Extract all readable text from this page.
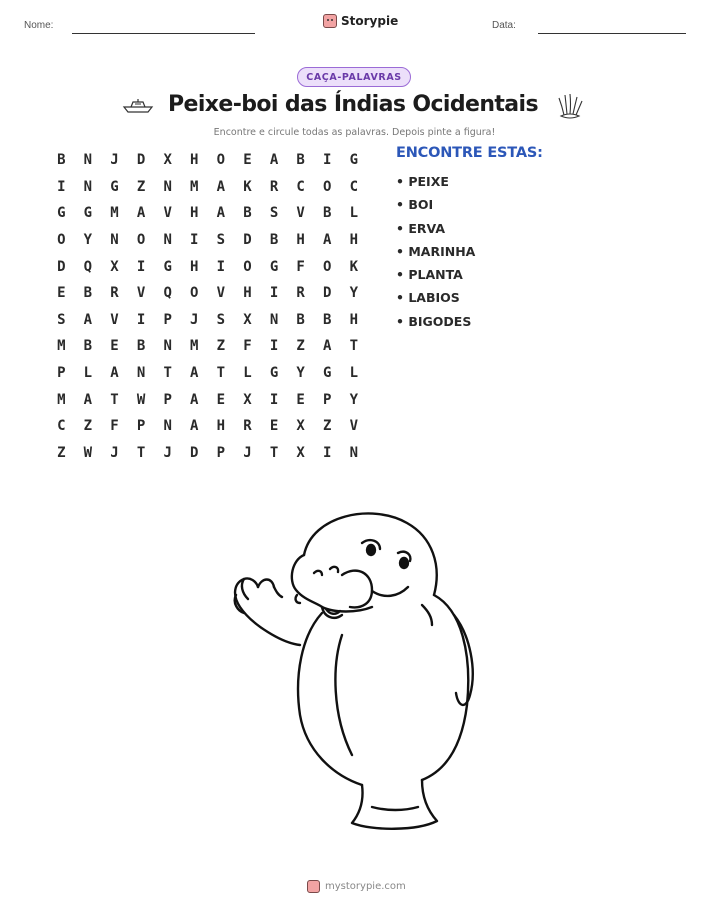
Nome:	Storypie	Data:
CAÇA-PALAVRAS
Peixe-boi das Índias Ocidentais
Encontre e circule todas as palavras. Depois pinte a figura!
B	N	J	D	X	H	O	E	A	B	I	G
I	N	G	Z	N	M	A	K	R	C	O	C
G	G	M	A	V	H	A	B	S	V	B	L
O	Y	N	O	N	I	S	D	B	H	A	H
D	Q	X	I	G	H	I	O	G	F	O	K
E	B	R	V	Q	O	V	H	I	R	D	Y
S	A	V	I	P	J	S	X	N	B	B	H
M	B	E	B	N	M	Z	F	I	Z	A	T
P	L	A	N	T	A	T	L	G	Y	G	L
M	A	T	W	P	A	E	X	I	E	P	Y
C	Z	F	P	N	A	H	R	E	X	Z	V
Z	W	J	T	J	D	P	J	T	X	I	N
ENCONTRE ESTAS:
• PEIXE
• BOI
• ERVA
• MARINHA
• PLANTA
• LABIOS
• BIGODES
mystorypie.com
